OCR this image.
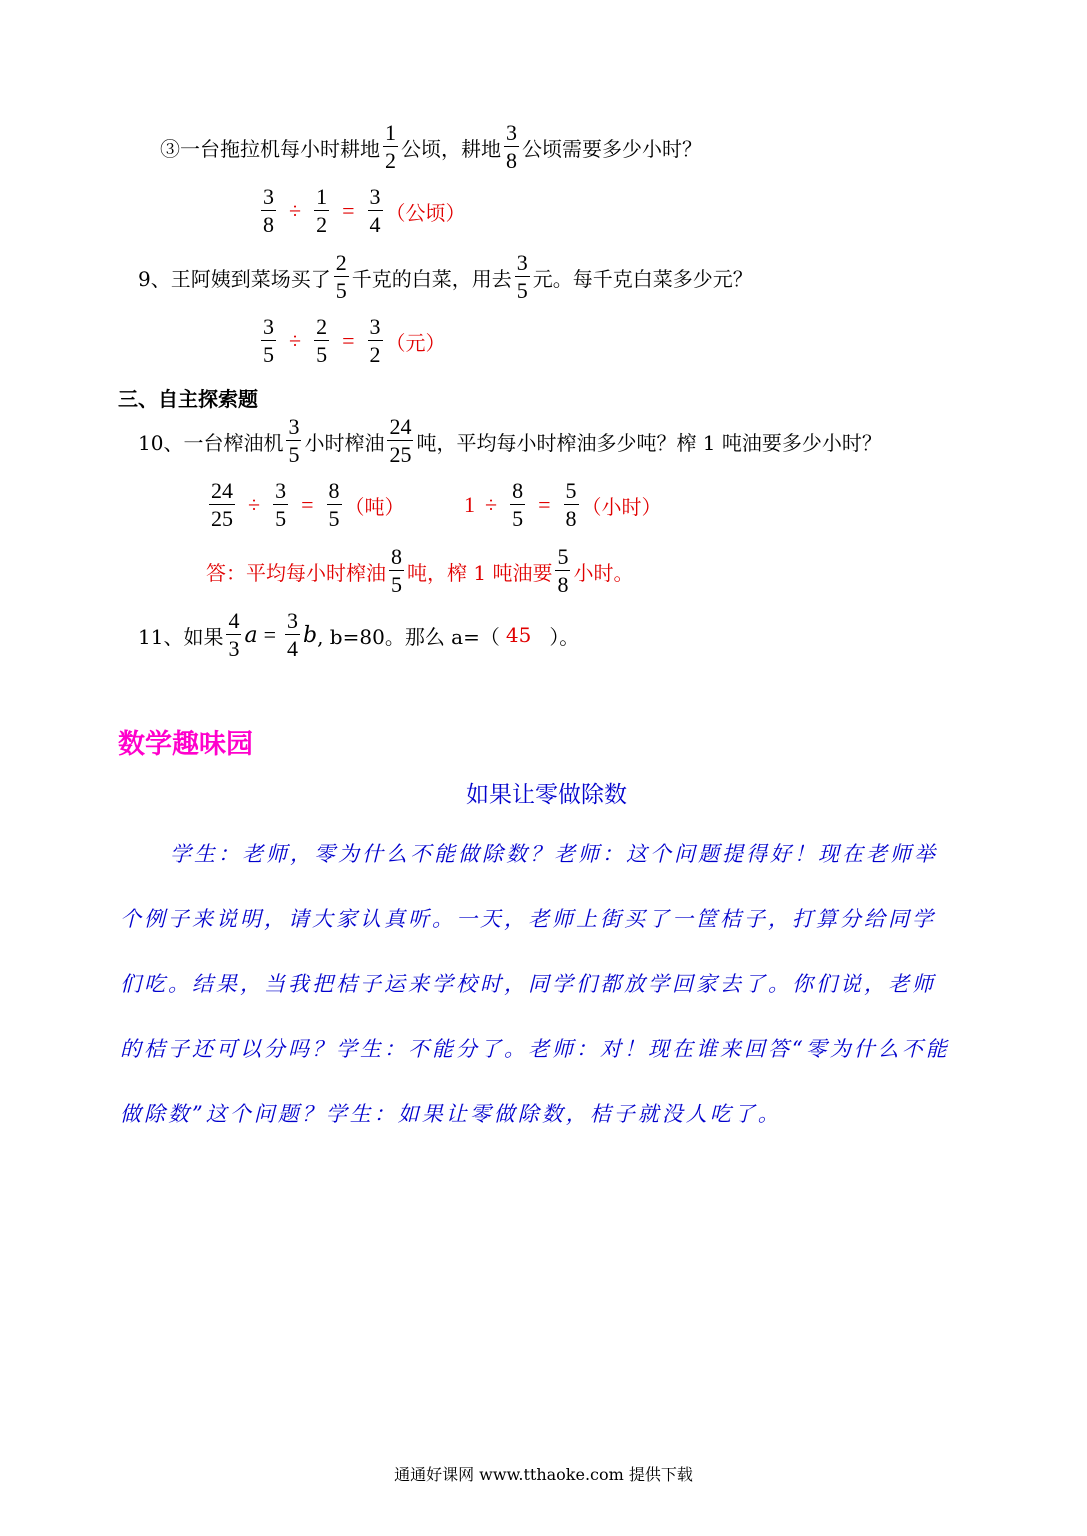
③一台拖拉机每小时耕地 $\frac{1}{2}$ 公顷，耕地 $\frac{3}{8}$ 公顷需要多少小时？
$\frac{3}{8} \div \frac{1}{2} = \frac{3}{4}$ （公顷）
9、王阿姨到菜场买了 $\frac{2}{5}$ 千克的白菜，用去 $\frac{3}{5}$ 元。每千克白菜多少元？
$\frac{3}{5} \div \frac{2}{5} = \frac{3}{2}$ （元）
三、自主探索题
10、一台榨油机 $\frac{3}{5}$ 小时榨油 $\frac{24}{25}$ 吨，平均每小时榨油多少吨？榨 1 吨油要多少小时？
$\frac{24}{25} \div \frac{3}{5} = \frac{8}{5}$ （吨）	$1 \div \frac{8}{5} = \frac{5}{8}$ （小时）
答：平均每小时榨油 $\frac{8}{5}$ 吨，榨 1 吨油要 $\frac{5}{8}$ 小时。
11、如果 $\frac{4}{3}$ $a = \frac{3}{4}$ b , b=80。那么 a=（ 45 ）。
数学趣味园
如果让零做除数
学生：老师，零为什么不能做除数？老师：这个问题提得好！现在老师举个例子来说明，请大家认真听。一天，老师上街买了一筐桔子，打算分给同学们吃。结果，当我把桔子运来学校时，同学们都放学回家去了。你们说，老师的桔子还可以分吗？学生：不能分了。老师：对！现在谁来回答“零为什么不能做除数”这个问题？学生：如果让零做除数，桔子就没人吃了。
通通好课网 www.tthaoke.com 提供下载
